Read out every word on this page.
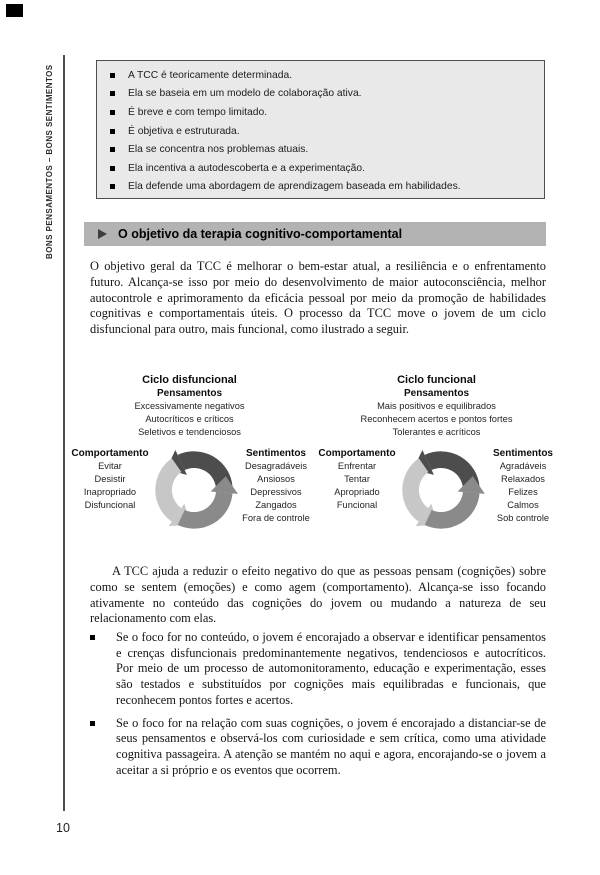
BONS PENSAMENTOS – BONS SENTIMENTOS
10
A TCC é teoricamente determinada.
Ela se baseia em um modelo de colaboração ativa.
É breve e com tempo limitado.
É objetiva e estruturada.
Ela se concentra nos problemas atuais.
Ela incentiva a autodescoberta e a experimentação.
Ela defende uma abordagem de aprendizagem baseada em habilidades.
O objetivo da terapia cognitivo-comportamental
O objetivo geral da TCC é melhorar o bem-estar atual, a resiliência e o enfrentamento futuro. Alcança-se isso por meio do desenvolvimento de maior autoconsciência, melhor autocontrole e aprimoramento da eficácia pessoal por meio da promoção de habilidades cognitivas e comportamentais úteis. O processo da TCC move o jovem de um ciclo disfuncional para outro, mais funcional, como ilustrado a seguir.
Ciclo disfuncional
Pensamentos
Excessivamente negativos
Autocríticos e críticos
Seletivos e tendenciosos
Comportamento
Evitar
Desistir
Inapropriado
Disfuncional
Sentimentos
Desagradáveis
Ansiosos
Depressivos
Zangados
Fora de controle
Ciclo funcional
Pensamentos
Mais positivos e equilibrados
Reconhecem acertos e pontos fortes
Tolerantes e acríticos
Comportamento
Enfrentar
Tentar
Apropriado
Funcional
Sentimentos
Agradáveis
Relaxados
Felizes
Calmos
Sob controle
A TCC ajuda a reduzir o efeito negativo do que as pessoas pensam (cognições) sobre como se sentem (emoções) e como agem (comportamento). Alcança-se isso focando ativamente no conteúdo das cognições do jovem ou mudando a natureza de seu relacionamento com elas.
Se o foco for no conteúdo, o jovem é encorajado a observar e identificar pensamentos e crenças disfuncionais predominantemente negativos, tendenciosos e autocríticos. Por meio de um processo de automonitoramento, educação e experimentação, esses são testados e substituídos por cognições mais equilibradas e funcionais, que reconhecem pontos fortes e acertos.
Se o foco for na relação com suas cognições, o jovem é encorajado a distanciar-se de seus pensamentos e observá-los com curiosidade e sem crítica, como uma atividade cognitiva passageira. A atenção se mantém no aqui e agora, encorajando-se o jovem a aceitar a si próprio e os eventos que ocorrem.
